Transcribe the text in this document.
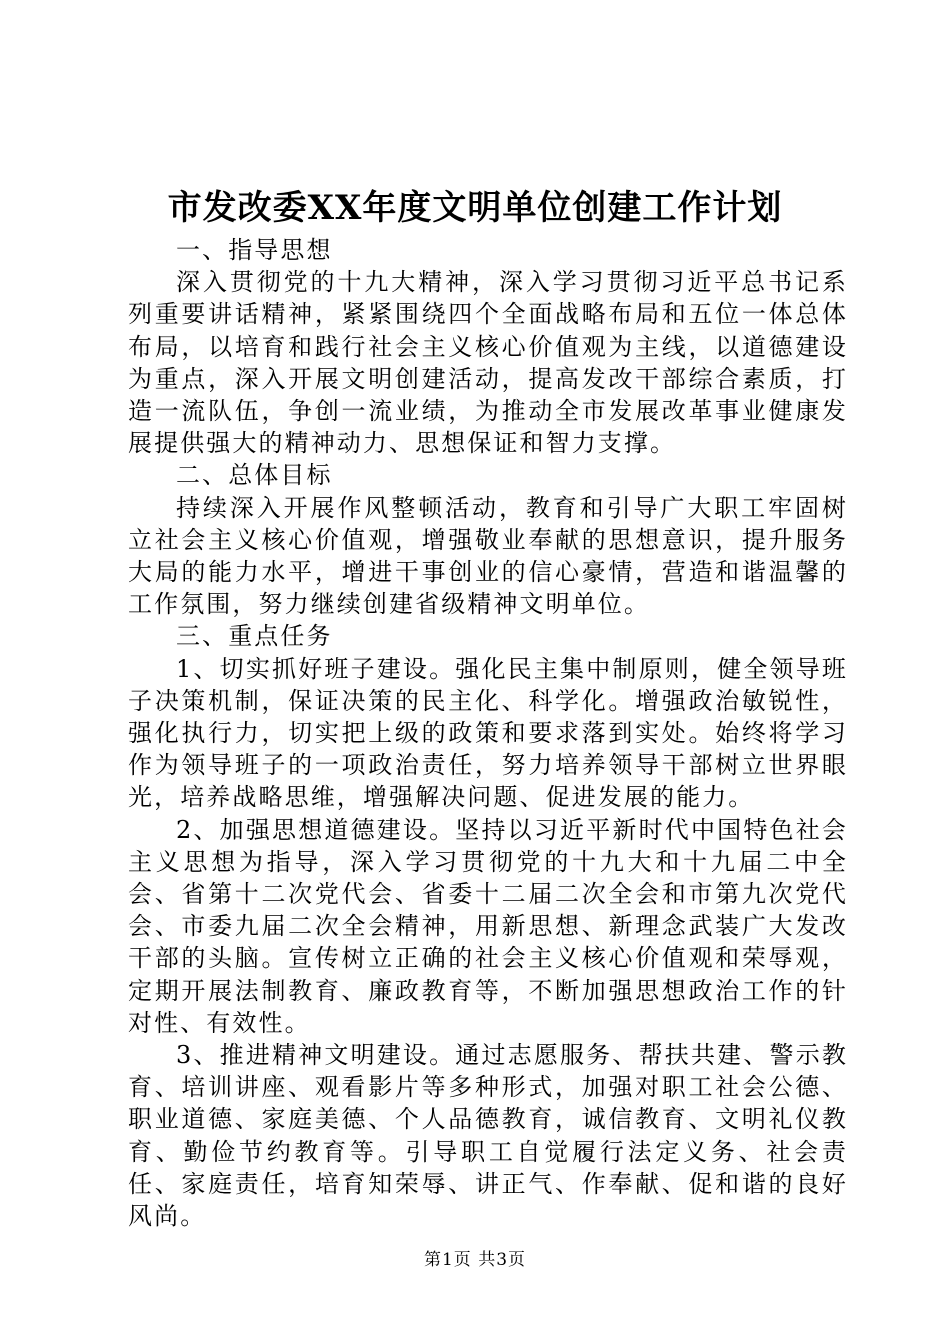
市发改委XX年度文明单位创建工作计划

一、指导思想

深入贯彻党的十九大精神，深入学习贯彻习近平总书记系列重要讲话精神，紧紧围绕四个全面战略布局和五位一体总体布局，以培育和践行社会主义核心价值观为主线，以道德建设为重点，深入开展文明创建活动，提高发改干部综合素质，打造一流队伍，争创一流业绩，为推动全市发展改革事业健康发展提供强大的精神动力、思想保证和智力支撑。

二、总体目标

持续深入开展作风整顿活动，教育和引导广大职工牢固树立社会主义核心价值观，增强敬业奉献的思想意识，提升服务大局的能力水平，增进干事创业的信心豪情，营造和谐温馨的工作氛围，努力继续创建省级精神文明单位。

三、重点任务

1、切实抓好班子建设。强化民主集中制原则，健全领导班子决策机制，保证决策的民主化、科学化。增强政治敏锐性，强化执行力，切实把上级的政策和要求落到实处。始终将学习作为领导班子的一项政治责任，努力培养领导干部树立世界眼光，培养战略思维，增强解决问题、促进发展的能力。

2、加强思想道德建设。坚持以习近平新时代中国特色社会主义思想为指导，深入学习贯彻党的十九大和十九届二中全会、省第十二次党代会、省委十二届二次全会和市第九次党代会、市委九届二次全会精神，用新思想、新理念武装广大发改干部的头脑。宣传树立正确的社会主义核心价值观和荣辱观，定期开展法制教育、廉政教育等，不断加强思想政治工作的针对性、有效性。

3、推进精神文明建设。通过志愿服务、帮扶共建、警示教育、培训讲座、观看影片等多种形式，加强对职工社会公德、职业道德、家庭美德、个人品德教育，诚信教育、文明礼仪教育、勤俭节约教育等。引导职工自觉履行法定义务、社会责任、家庭责任，培育知荣辱、讲正气、作奉献、促和谐的良好风尚。

第1页 共3页
